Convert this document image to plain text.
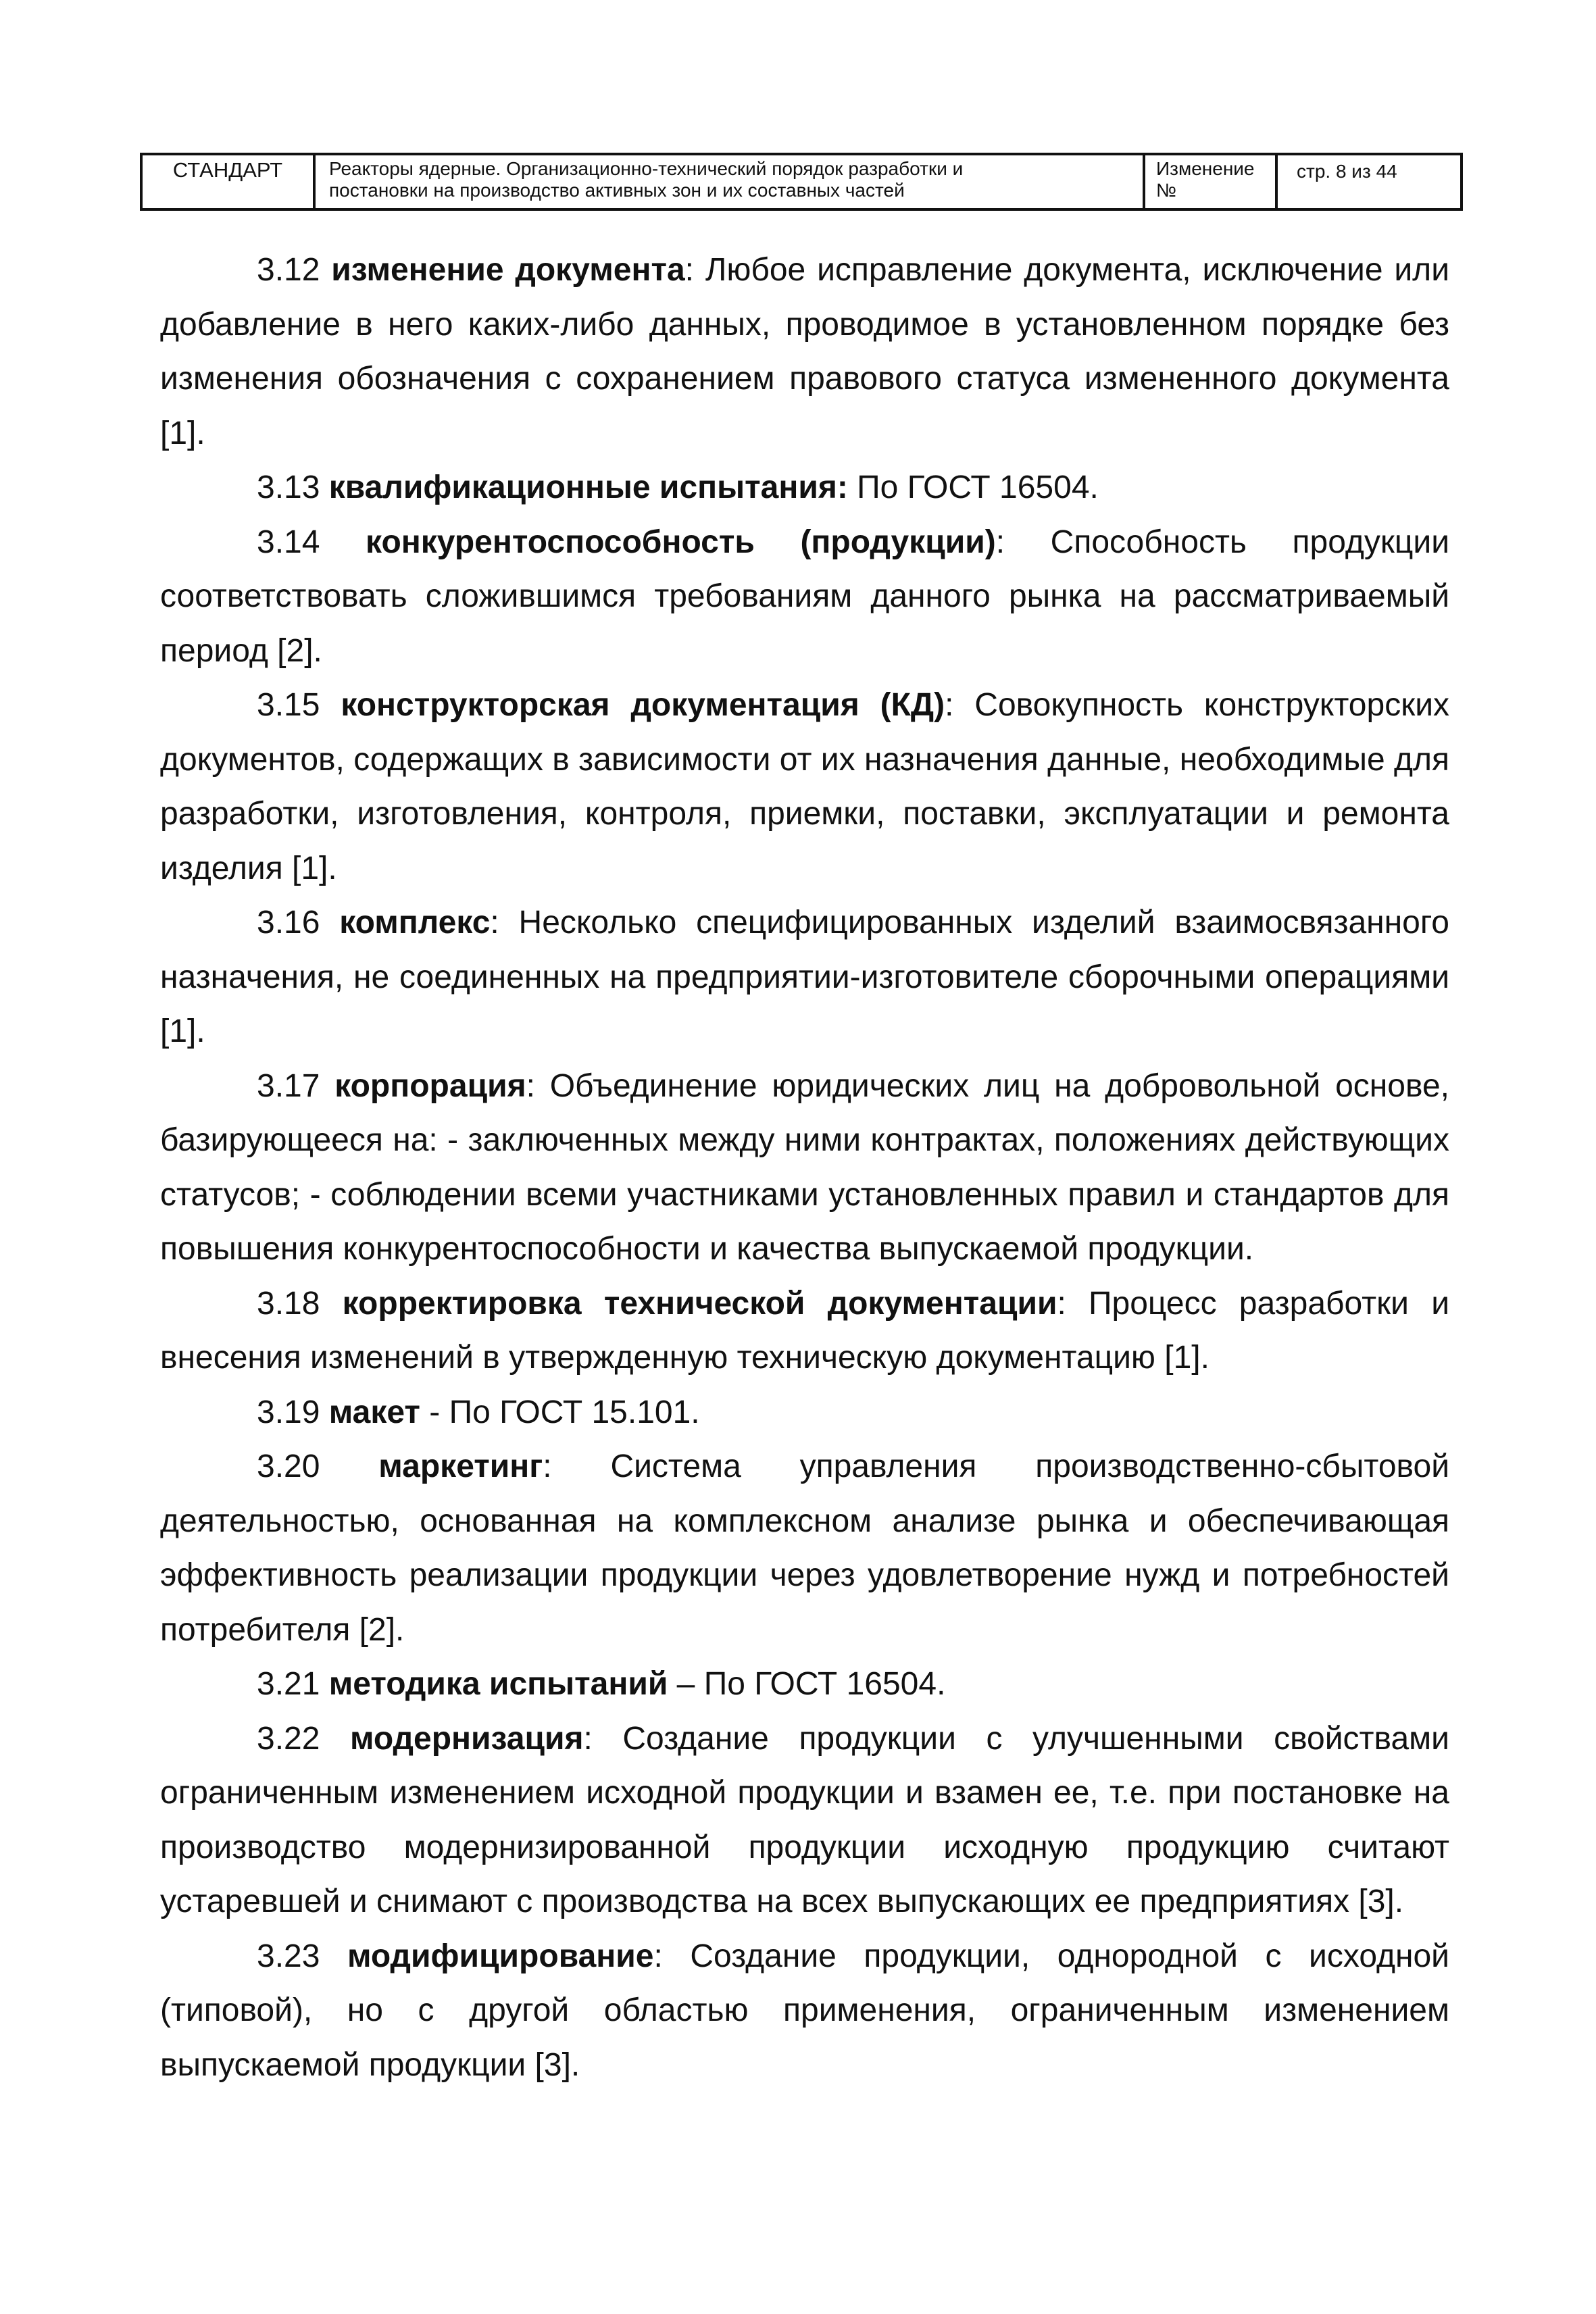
СТАНДАРТ	Реакторы ядерные. Организационно-технический порядок разработки и
постановки на производство активных зон и их составных частей
Изменение
№
стр. 8 из 44

3.12 изменение документа: Любое исправление документа, исключение или добавление в него каких-либо данных, проводимое в установленном порядке без изменения обозначения с сохранением правового статуса измененного документа [1].

3.13 квалификационные испытания: По ГОСТ 16504.

3.14 конкурентоспособность (продукции): Способность продукции соответствовать сложившимся требованиям данного рынка на рассматриваемый период [2].

3.15 конструкторская документация (КД): Совокупность конструкторских документов, содержащих в зависимости от их назначения данные, необходимые для разработки, изготовления, контроля, приемки, поставки, эксплуатации и ремонта изделия [1].

3.16 комплекс: Несколько специфицированных изделий взаимосвязанного назначения, не соединенных на предприятии-изготовителе сборочными операциями [1].

3.17 корпорация: Объединение юридических лиц на добровольной основе, базирующееся на: - заключенных между ними контрактах, положениях действующих статусов; - соблюдении всеми участниками установленных правил и стандартов для повышения конкурентоспособности и качества выпускаемой продукции.

3.18 корректировка технической документации: Процесс разработки и внесения изменений в утвержденную техническую документацию [1].

3.19 макет - По ГОСТ 15.101.

3.20 маркетинг: Система управления производственно-сбытовой деятельностью, основанная на комплексном анализе рынка и обеспечивающая эффективность реализации продукции через удовлетворение нужд и потребностей потребителя [2].

3.21 методика испытаний – По ГОСТ 16504.

3.22 модернизация: Создание продукции с улучшенными свойствами ограниченным изменением исходной продукции и взамен ее, т.е. при постановке на производство модернизированной продукции исходную продукцию считают устаревшей и снимают с производства на всех выпускающих ее предприятиях [3].

3.23 модифицирование: Создание продукции, однородной с исходной (типовой), но с другой областью применения, ограниченным изменением выпускаемой продукции [3].
